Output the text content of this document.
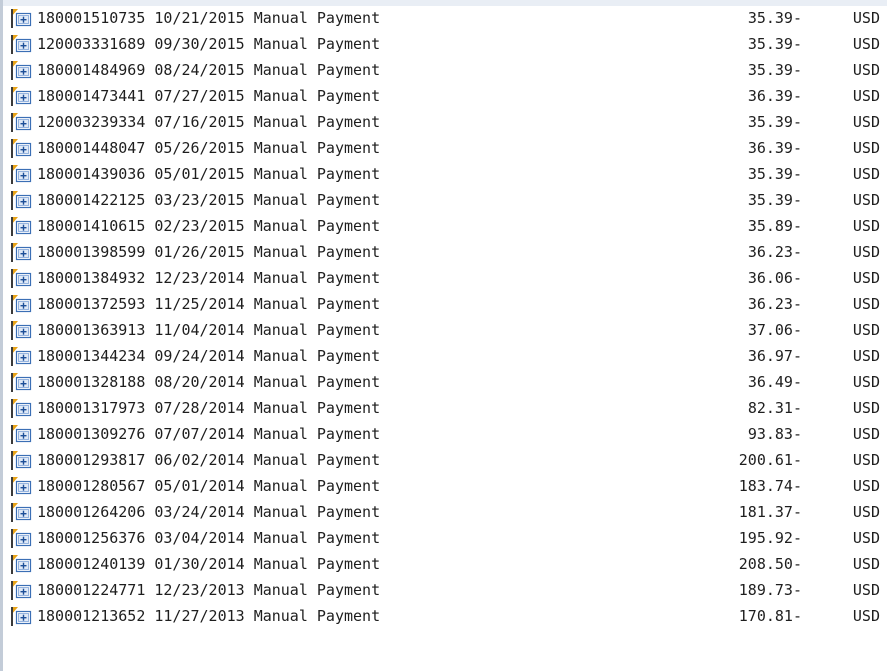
180001510735 10/21/2015 Manual Payment	35.39-	USD
120003331689 09/30/2015 Manual Payment	35.39-	USD
180001484969 08/24/2015 Manual Payment	35.39-	USD
180001473441 07/27/2015 Manual Payment	36.39-	USD
120003239334 07/16/2015 Manual Payment	35.39-	USD
180001448047 05/26/2015 Manual Payment	36.39-	USD
180001439036 05/01/2015 Manual Payment	35.39-	USD
180001422125 03/23/2015 Manual Payment	35.39-	USD
180001410615 02/23/2015 Manual Payment	35.89-	USD
180001398599 01/26/2015 Manual Payment	36.23-	USD
180001384932 12/23/2014 Manual Payment	36.06-	USD
180001372593 11/25/2014 Manual Payment	36.23-	USD
180001363913 11/04/2014 Manual Payment	37.06-	USD
180001344234 09/24/2014 Manual Payment	36.97-	USD
180001328188 08/20/2014 Manual Payment	36.49-	USD
180001317973 07/28/2014 Manual Payment	82.31-	USD
180001309276 07/07/2014 Manual Payment	93.83-	USD
180001293817 06/02/2014 Manual Payment	200.61-	USD
180001280567 05/01/2014 Manual Payment	183.74-	USD
180001264206 03/24/2014 Manual Payment	181.37-	USD
180001256376 03/04/2014 Manual Payment	195.92-	USD
180001240139 01/30/2014 Manual Payment	208.50-	USD
180001224771 12/23/2013 Manual Payment	189.73-	USD
180001213652 11/27/2013 Manual Payment	170.81-	USD
